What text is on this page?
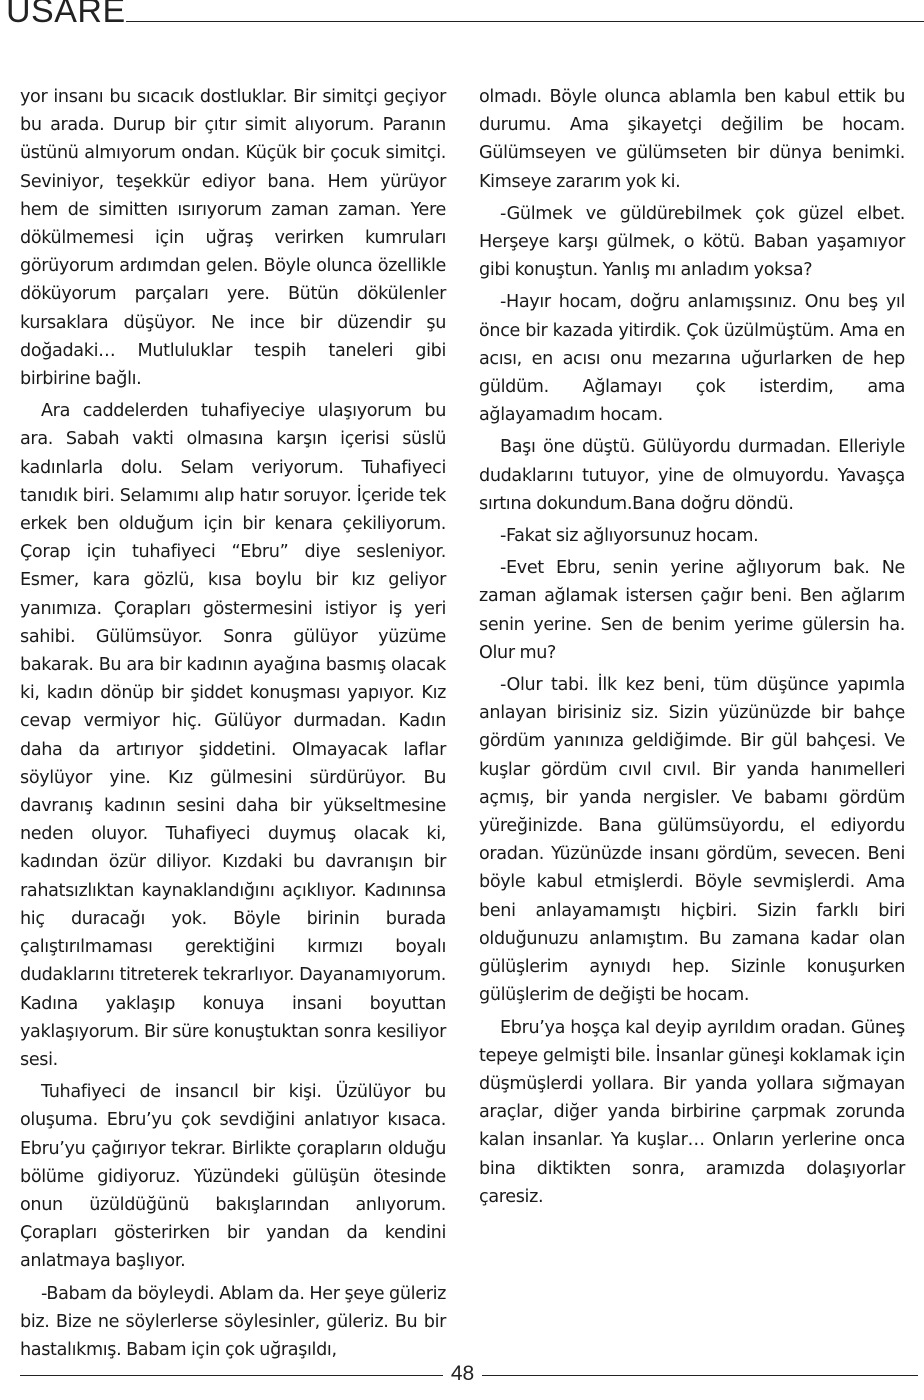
USARE

yor insanı bu sıcacık dostluklar. Bir simitçi geçiyor bu arada. Durup bir çıtır simit alıyorum. Paranın üstünü almıyorum ondan. Küçük bir çocuk simitçi. Seviniyor, teşekkür ediyor bana. Hem yürüyor hem de simitten ısırıyorum zaman zaman. Yere dökülmemesi için uğraş verirken kumruları görüyorum ardımdan gelen. Böyle olunca özellikle döküyorum parçaları yere. Bütün dökülenler kursaklara düşüyor. Ne ince bir düzendir şu doğadaki… Mutluluklar tespih taneleri gibi birbirine bağlı.

Ara caddelerden tuhafiyeciye ulaşıyorum bu ara. Sabah vakti olmasına karşın içerisi süslü kadınlarla dolu. Selam veriyorum. Tuhafiyeci tanıdık biri. Selamımı alıp hatır soruyor. İçeride tek erkek ben olduğum için bir kenara çekiliyorum. Çorap için tuhafiyeci “Ebru” diye sesleniyor. Esmer, kara gözlü, kısa boylu bir kız geliyor yanımıza. Çorapları göstermesini istiyor iş yeri sahibi. Gülümsüyor. Sonra gülüyor yüzüme bakarak. Bu ara bir kadının ayağına basmış olacak ki, kadın dönüp bir şiddet konuşması yapıyor. Kız cevap vermiyor hiç. Gülüyor durmadan. Kadın daha da artırıyor şiddetini. Olmayacak laflar söylüyor yine. Kız gülmesini sürdürüyor. Bu davranış kadının sesini daha bir yükseltmesine neden oluyor. Tuhafiyeci duymuş olacak ki, kadından özür diliyor. Kızdaki bu davranışın bir rahatsızlıktan kaynaklandığını açıklıyor. Kadınınsa hiç duracağı yok. Böyle birinin burada çalıştırılmaması gerektiğini kırmızı boyalı dudaklarını titreterek tekrarlıyor. Dayanamıyorum. Kadına yaklaşıp konuya insani boyuttan yaklaşıyorum. Bir süre konuştuktan sonra kesiliyor sesi.

Tuhafiyeci de insancıl bir kişi. Üzülüyor bu oluşuma. Ebru’yu çok sevdiğini anlatıyor kısaca. Ebru’yu çağırıyor tekrar. Birlikte çorapların olduğu bölüme gidiyoruz. Yüzündeki gülüşün ötesinde onun üzüldüğünü bakışlarından anlıyorum. Çorapları gösterirken bir yandan da kendini anlatmaya başlıyor.

-Babam da böyleydi. Ablam da. Her şeye güleriz biz. Bize ne söylerlerse söylesinler, güleriz. Bu bir hastalıkmış. Babam için çok uğraşıldı,

olmadı. Böyle olunca ablamla ben kabul ettik bu durumu. Ama şikayetçi değilim be hocam. Gülümseyen ve gülümseten bir dünya benimki. Kimseye zararım yok ki.

-Gülmek ve güldürebilmek çok güzel elbet. Herşeye karşı gülmek, o kötü. Baban yaşamıyor gibi konuştun. Yanlış mı anladım yoksa?

-Hayır hocam, doğru anlamışsınız. Onu beş yıl önce bir kazada yitirdik. Çok üzülmüştüm. Ama en acısı, en acısı onu mezarına uğurlarken de hep güldüm. Ağlamayı çok isterdim, ama ağlayamadım hocam.

Başı öne düştü. Gülüyordu durmadan. Elleriyle dudaklarını tutuyor, yine de olmuyordu. Yavaşça sırtına dokundum.Bana doğru döndü.

-Fakat siz ağlıyorsunuz hocam.

-Evet Ebru, senin yerine ağlıyorum bak. Ne zaman ağlamak istersen çağır beni. Ben ağlarım senin yerine. Sen de benim yerime gülersin ha. Olur mu?

-Olur tabi. İlk kez beni, tüm düşünce yapımla anlayan birisiniz siz. Sizin yüzünüzde bir bahçe gördüm yanınıza geldiğimde. Bir gül bahçesi. Ve kuşlar gördüm cıvıl cıvıl. Bir yanda hanımelleri açmış, bir yanda nergisler. Ve babamı gördüm yüreğinizde. Bana gülümsüyordu, el ediyordu oradan. Yüzünüzde insanı gördüm, sevecen. Beni böyle kabul etmişlerdi. Böyle sevmişlerdi. Ama beni anlayamamıştı hiçbiri. Sizin farklı biri olduğunuzu anlamıştım. Bu zamana kadar olan gülüşlerim aynıydı hep. Sizinle konuşurken gülüşlerim de değişti be hocam.

Ebru’ya hoşça kal deyip ayrıldım oradan. Güneş tepeye gelmişti bile. İnsanlar güneşi koklamak için düşmüşlerdi yollara. Bir yanda yollara sığmayan araçlar, diğer yanda birbirine çarpmak zorunda kalan insanlar. Ya kuşlar… Onların yerlerine onca bina diktikten sonra, aramızda dolaşıyorlar çaresiz.

48
